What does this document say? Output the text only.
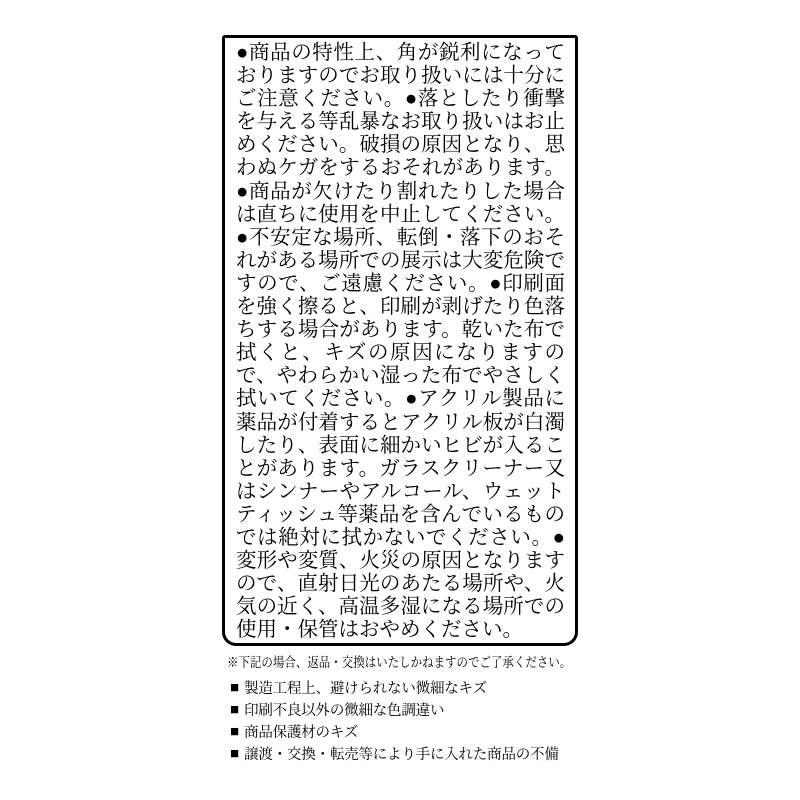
●商品の特性上、角が鋭利になっておりますのでお取り扱いには十分にご注意ください。●落としたり衝撃を与える等乱暴なお取り扱いはお止めください。破損の原因となり、思わぬケガをするおそれがあります。●商品が欠けたり割れたりした場合は直ちに使用を中止してください。●不安定な場所、転倒・落下のおそれがある場所での展示は大変危険ですので、ご遠慮ください。●印刷面を強く擦ると、印刷が剥げたり色落ちする場合があります。乾いた布で拭くと、キズの原因になりますので、やわらかい湿った布でやさしく拭いてください。●アクリル製品に薬品が付着するとアクリル板が白濁したり、表面に細かいヒビが入ることがあります。ガラスクリーナー又はシンナーやアルコール、ウェットティッシュ等薬品を含んでいるものでは絶対に拭かないでください。●変形や変質、火災の原因となりますので、直射日光のあたる場所や、火気の近く、高温多湿になる場所での使用・保管はおやめください。

※下記の場合、返品・交換はいたしかねますのでご了承ください。
■ 製造工程上、避けられない微細なキズ
■ 印刷不良以外の微細な色調違い
■ 商品保護材のキズ
■ 譲渡・交換・転売等により手に入れた商品の不備
